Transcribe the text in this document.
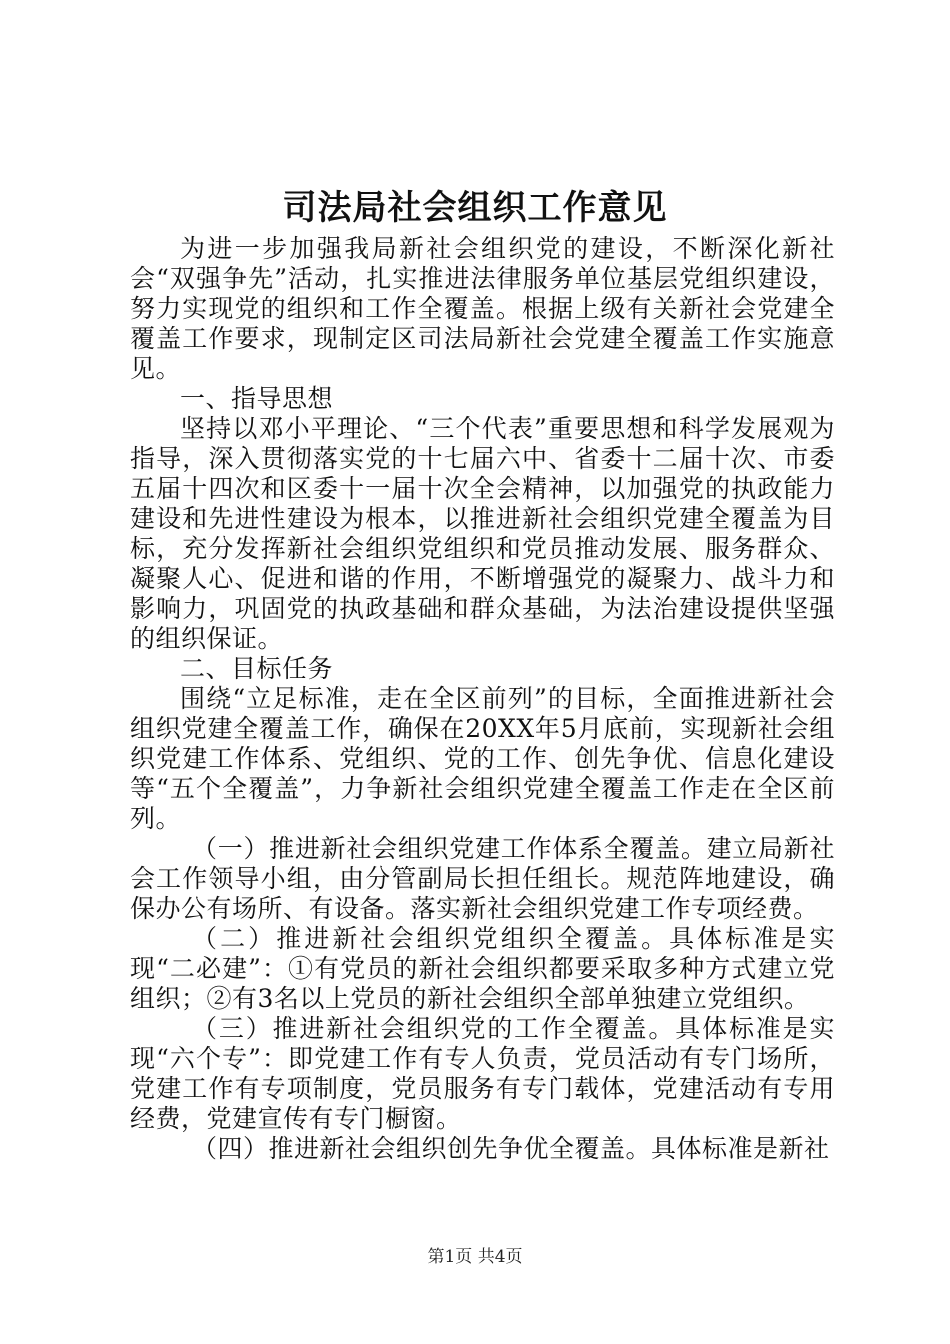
司法局社会组织工作意见

为进一步加强我局新社会组织党的建设，不断深化新社会“双强争先”活动，扎实推进法律服务单位基层党组织建设，努力实现党的组织和工作全覆盖。根据上级有关新社会党建全覆盖工作要求，现制定区司法局新社会党建全覆盖工作实施意见。

一、指导思想

坚持以邓小平理论、“三个代表”重要思想和科学发展观为指导，深入贯彻落实党的十七届六中、省委十二届十次、市委五届十四次和区委十一届十次全会精神，以加强党的执政能力建设和先进性建设为根本，以推进新社会组织党建全覆盖为目标，充分发挥新社会组织党组织和党员推动发展、服务群众、凝聚人心、促进和谐的作用，不断增强党的凝聚力、战斗力和影响力，巩固党的执政基础和群众基础，为法治建设提供坚强的组织保证。

二、目标任务

围绕“立足标准，走在全区前列”的目标，全面推进新社会组织党建全覆盖工作，确保在20XX年5月底前，实现新社会组织党建工作体系、党组织、党的工作、创先争优、信息化建设等“五个全覆盖”，力争新社会组织党建全覆盖工作走在全区前列。

（一）推进新社会组织党建工作体系全覆盖。建立局新社会工作领导小组，由分管副局长担任组长。规范阵地建设，确保办公有场所、有设备。落实新社会组织党建工作专项经费。

（二）推进新社会组织党组织全覆盖。具体标准是实现“二必建”：①有党员的新社会组织都要采取多种方式建立党组织；②有3名以上党员的新社会组织全部单独建立党组织。

（三）推进新社会组织党的工作全覆盖。具体标准是实现“六个专”：即党建工作有专人负责，党员活动有专门场所，党建工作有专项制度，党员服务有专门载体，党建活动有专用经费，党建宣传有专门橱窗。

（四）推进新社会组织创先争优全覆盖。具体标准是新社

第1页 共4页
